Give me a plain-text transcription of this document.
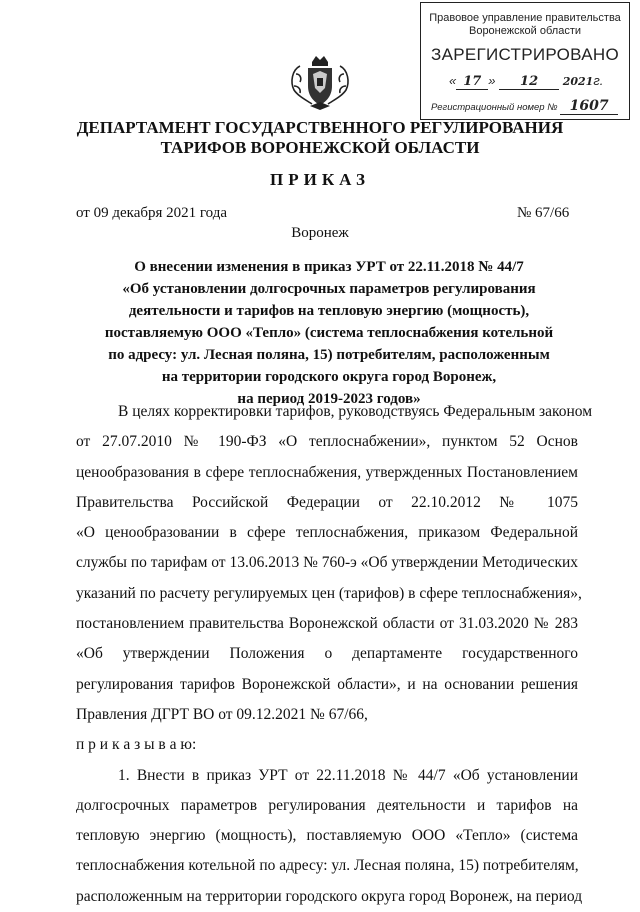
Правовое управление правительства
Воронежской области
ЗАРЕГИСТРИРОВАНО
« 17 » 12 2021г.
Регистрационный номер № 1607
ДЕПАРТАМЕНТ ГОСУДАРСТВЕННОГО РЕГУЛИРОВАНИЯ
ТАРИФОВ ВОРОНЕЖСКОЙ ОБЛАСТИ
ПРИКАЗ
от 09 декабря 2021 года	№ 67/66
Воронеж
О внесении изменения в приказ УРТ от 22.11.2018 № 44/7
«Об установлении долгосрочных параметров регулирования
деятельности и тарифов на тепловую энергию (мощность),
поставляемую ООО «Тепло» (система теплоснабжения котельной
по адресу: ул. Лесная поляна, 15) потребителям, расположенным
на территории городского округа город Воронеж,
на период 2019-2023 годов»
В целях корректировки тарифов, руководствуясь Федеральным законом
от 27.07.2010 № 190-ФЗ «О теплоснабжении», пунктом 52 Основ
ценообразования в сфере теплоснабжения, утвержденных Постановлением
Правительства Российской Федерации от 22.10.2012 № 1075
«О ценообразовании в сфере теплоснабжения, приказом Федеральной
службы по тарифам от 13.06.2013 № 760-э «Об утверждении Методических
указаний по расчету регулируемых цен (тарифов) в сфере теплоснабжения»,
постановлением правительства Воронежской области от 31.03.2020 № 283
«Об утверждении Положения о департаменте государственного
регулирования тарифов Воронежской области», и на основании решения
Правления ДГРТ ВО от 09.12.2021 № 67/66,
п р и к а з ы в а ю:
1. Внести в приказ УРТ от 22.11.2018 № 44/7 «Об установлении
долгосрочных параметров регулирования деятельности и тарифов на
тепловую энергию (мощность), поставляемую ООО «Тепло» (система
теплоснабжения котельной по адресу: ул. Лесная поляна, 15) потребителям,
расположенным на территории городского округа город Воронеж, на период
